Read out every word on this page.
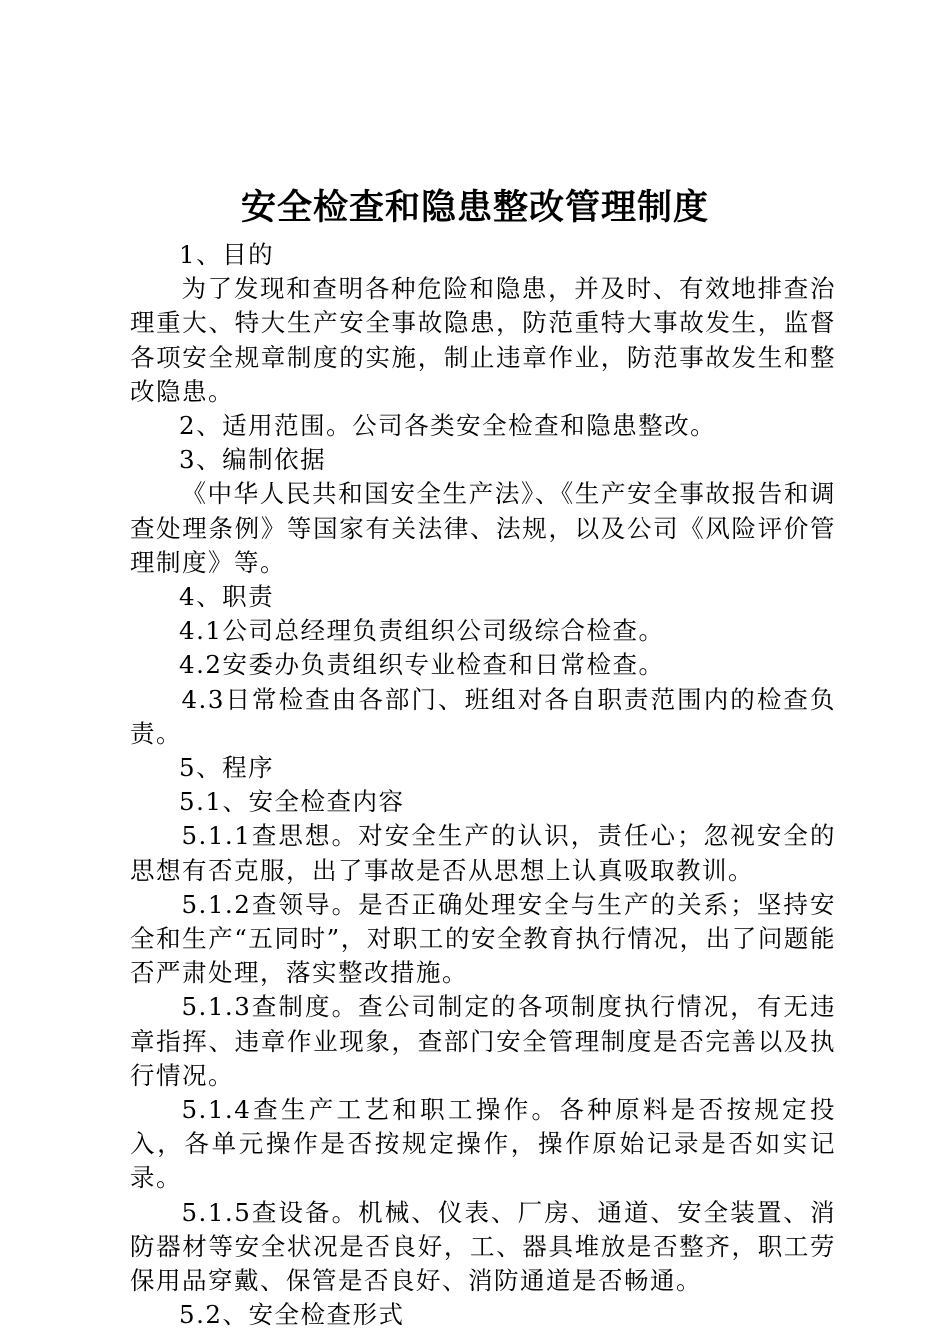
安全检查和隐患整改管理制度

1、目的

为了发现和查明各种危险和隐患，并及时、有效地排查治理重大、特大生产安全事故隐患，防范重特大事故发生，监督各项安全规章制度的实施，制止违章作业，防范事故发生和整改隐患。

2、适用范围。公司各类安全检查和隐患整改。

3、编制依据

《中华人民共和国安全生产法》、《生产安全事故报告和调查处理条例》等国家有关法律、法规，以及公司《风险评价管理制度》等。

4、职责

4.1公司总经理负责组织公司级综合检查。

4.2安委办负责组织专业检查和日常检查。

4.3日常检查由各部门、班组对各自职责范围内的检查负责。

5、程序

5.1、安全检查内容

5.1.1查思想。对安全生产的认识，责任心；忽视安全的思想有否克服，出了事故是否从思想上认真吸取教训。

5.1.2查领导。是否正确处理安全与生产的关系；坚持安全和生产“五同时”，对职工的安全教育执行情况，出了问题能否严肃处理，落实整改措施。

5.1.3查制度。查公司制定的各项制度执行情况，有无违章指挥、违章作业现象，查部门安全管理制度是否完善以及执行情况。

5.1.4查生产工艺和职工操作。各种原料是否按规定投入，各单元操作是否按规定操作，操作原始记录是否如实记录。

5.1.5查设备。机械、仪表、厂房、通道、安全装置、消防器材等安全状况是否良好，工、器具堆放是否整齐，职工劳保用品穿戴、保管是否良好、消防通道是否畅通。

5.2、安全检查形式
